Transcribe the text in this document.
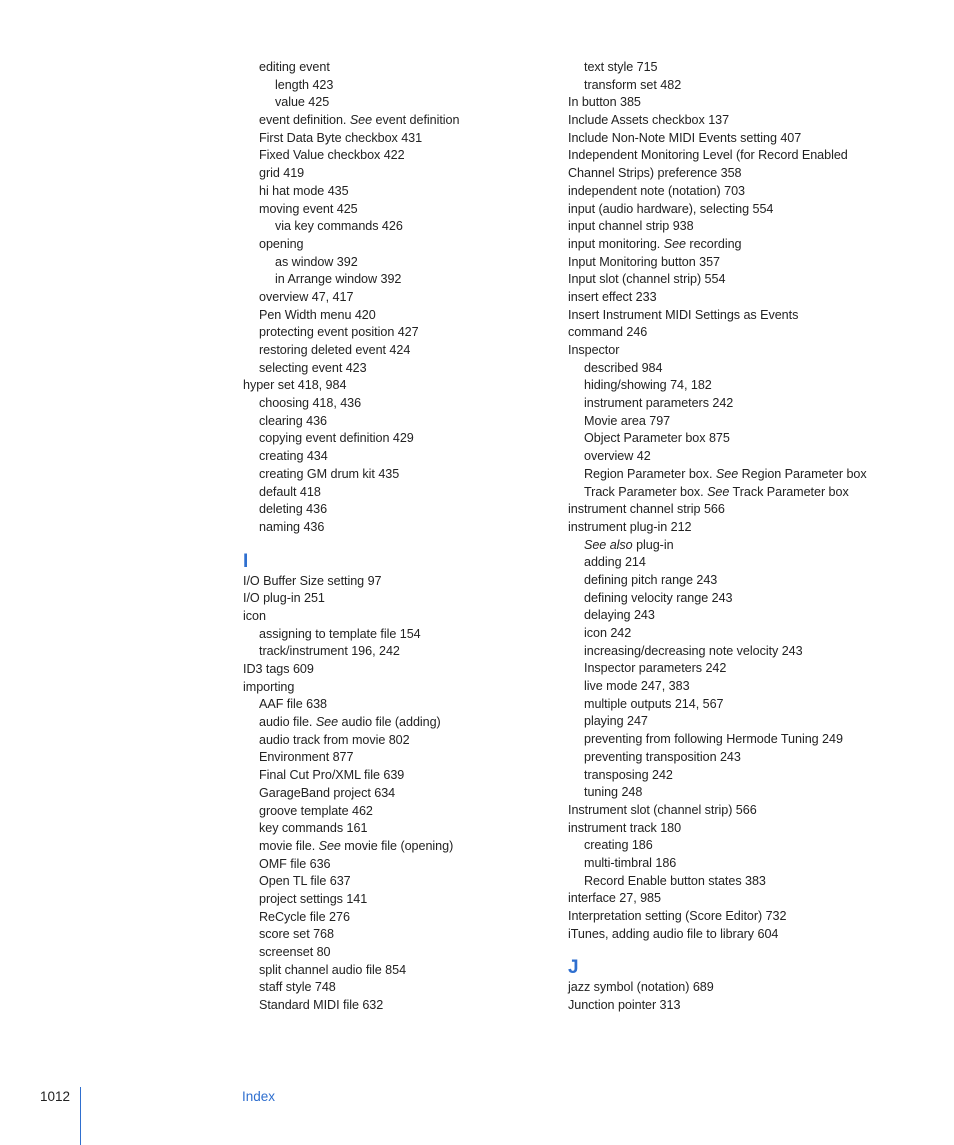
editing event
length 423
value 425
event definition. See event definition
First Data Byte checkbox 431
Fixed Value checkbox 422
grid 419
hi hat mode 435
moving event 425
via key commands 426
opening
as window 392
in Arrange window 392
overview 47, 417
Pen Width menu 420
protecting event position 427
restoring deleted event 424
selecting event 423
hyper set 418, 984
choosing 418, 436
clearing 436
copying event definition 429
creating 434
creating GM drum kit 435
default 418
deleting 436
naming 436
I
I/O Buffer Size setting 97
I/O plug-in 251
icon
assigning to template file 154
track/instrument 196, 242
ID3 tags 609
importing
AAF file 638
audio file. See audio file (adding)
audio track from movie 802
Environment 877
Final Cut Pro/XML file 639
GarageBand project 634
groove template 462
key commands 161
movie file. See movie file (opening)
OMF file 636
Open TL file 637
project settings 141
ReCycle file 276
score set 768
screenset 80
split channel audio file 854
staff style 748
Standard MIDI file 632
text style 715
transform set 482
In button 385
Include Assets checkbox 137
Include Non-Note MIDI Events setting 407
Independent Monitoring Level (for Record Enabled
Channel Strips) preference 358
independent note (notation) 703
input (audio hardware), selecting 554
input channel strip 938
input monitoring. See recording
Input Monitoring button 357
Input slot (channel strip) 554
insert effect 233
Insert Instrument MIDI Settings as Events
command 246
Inspector
described 984
hiding/showing 74, 182
instrument parameters 242
Movie area 797
Object Parameter box 875
overview 42
Region Parameter box. See Region Parameter box
Track Parameter box. See Track Parameter box
instrument channel strip 566
instrument plug-in 212
See also plug-in
adding 214
defining pitch range 243
defining velocity range 243
delaying 243
icon 242
increasing/decreasing note velocity 243
Inspector parameters 242
live mode 247, 383
multiple outputs 214, 567
playing 247
preventing from following Hermode Tuning 249
preventing transposition 243
transposing 242
tuning 248
Instrument slot (channel strip) 566
instrument track 180
creating 186
multi-timbral 186
Record Enable button states 383
interface 27, 985
Interpretation setting (Score Editor) 732
iTunes, adding audio file to library 604
J
jazz symbol (notation) 689
Junction pointer 313
1012	Index
